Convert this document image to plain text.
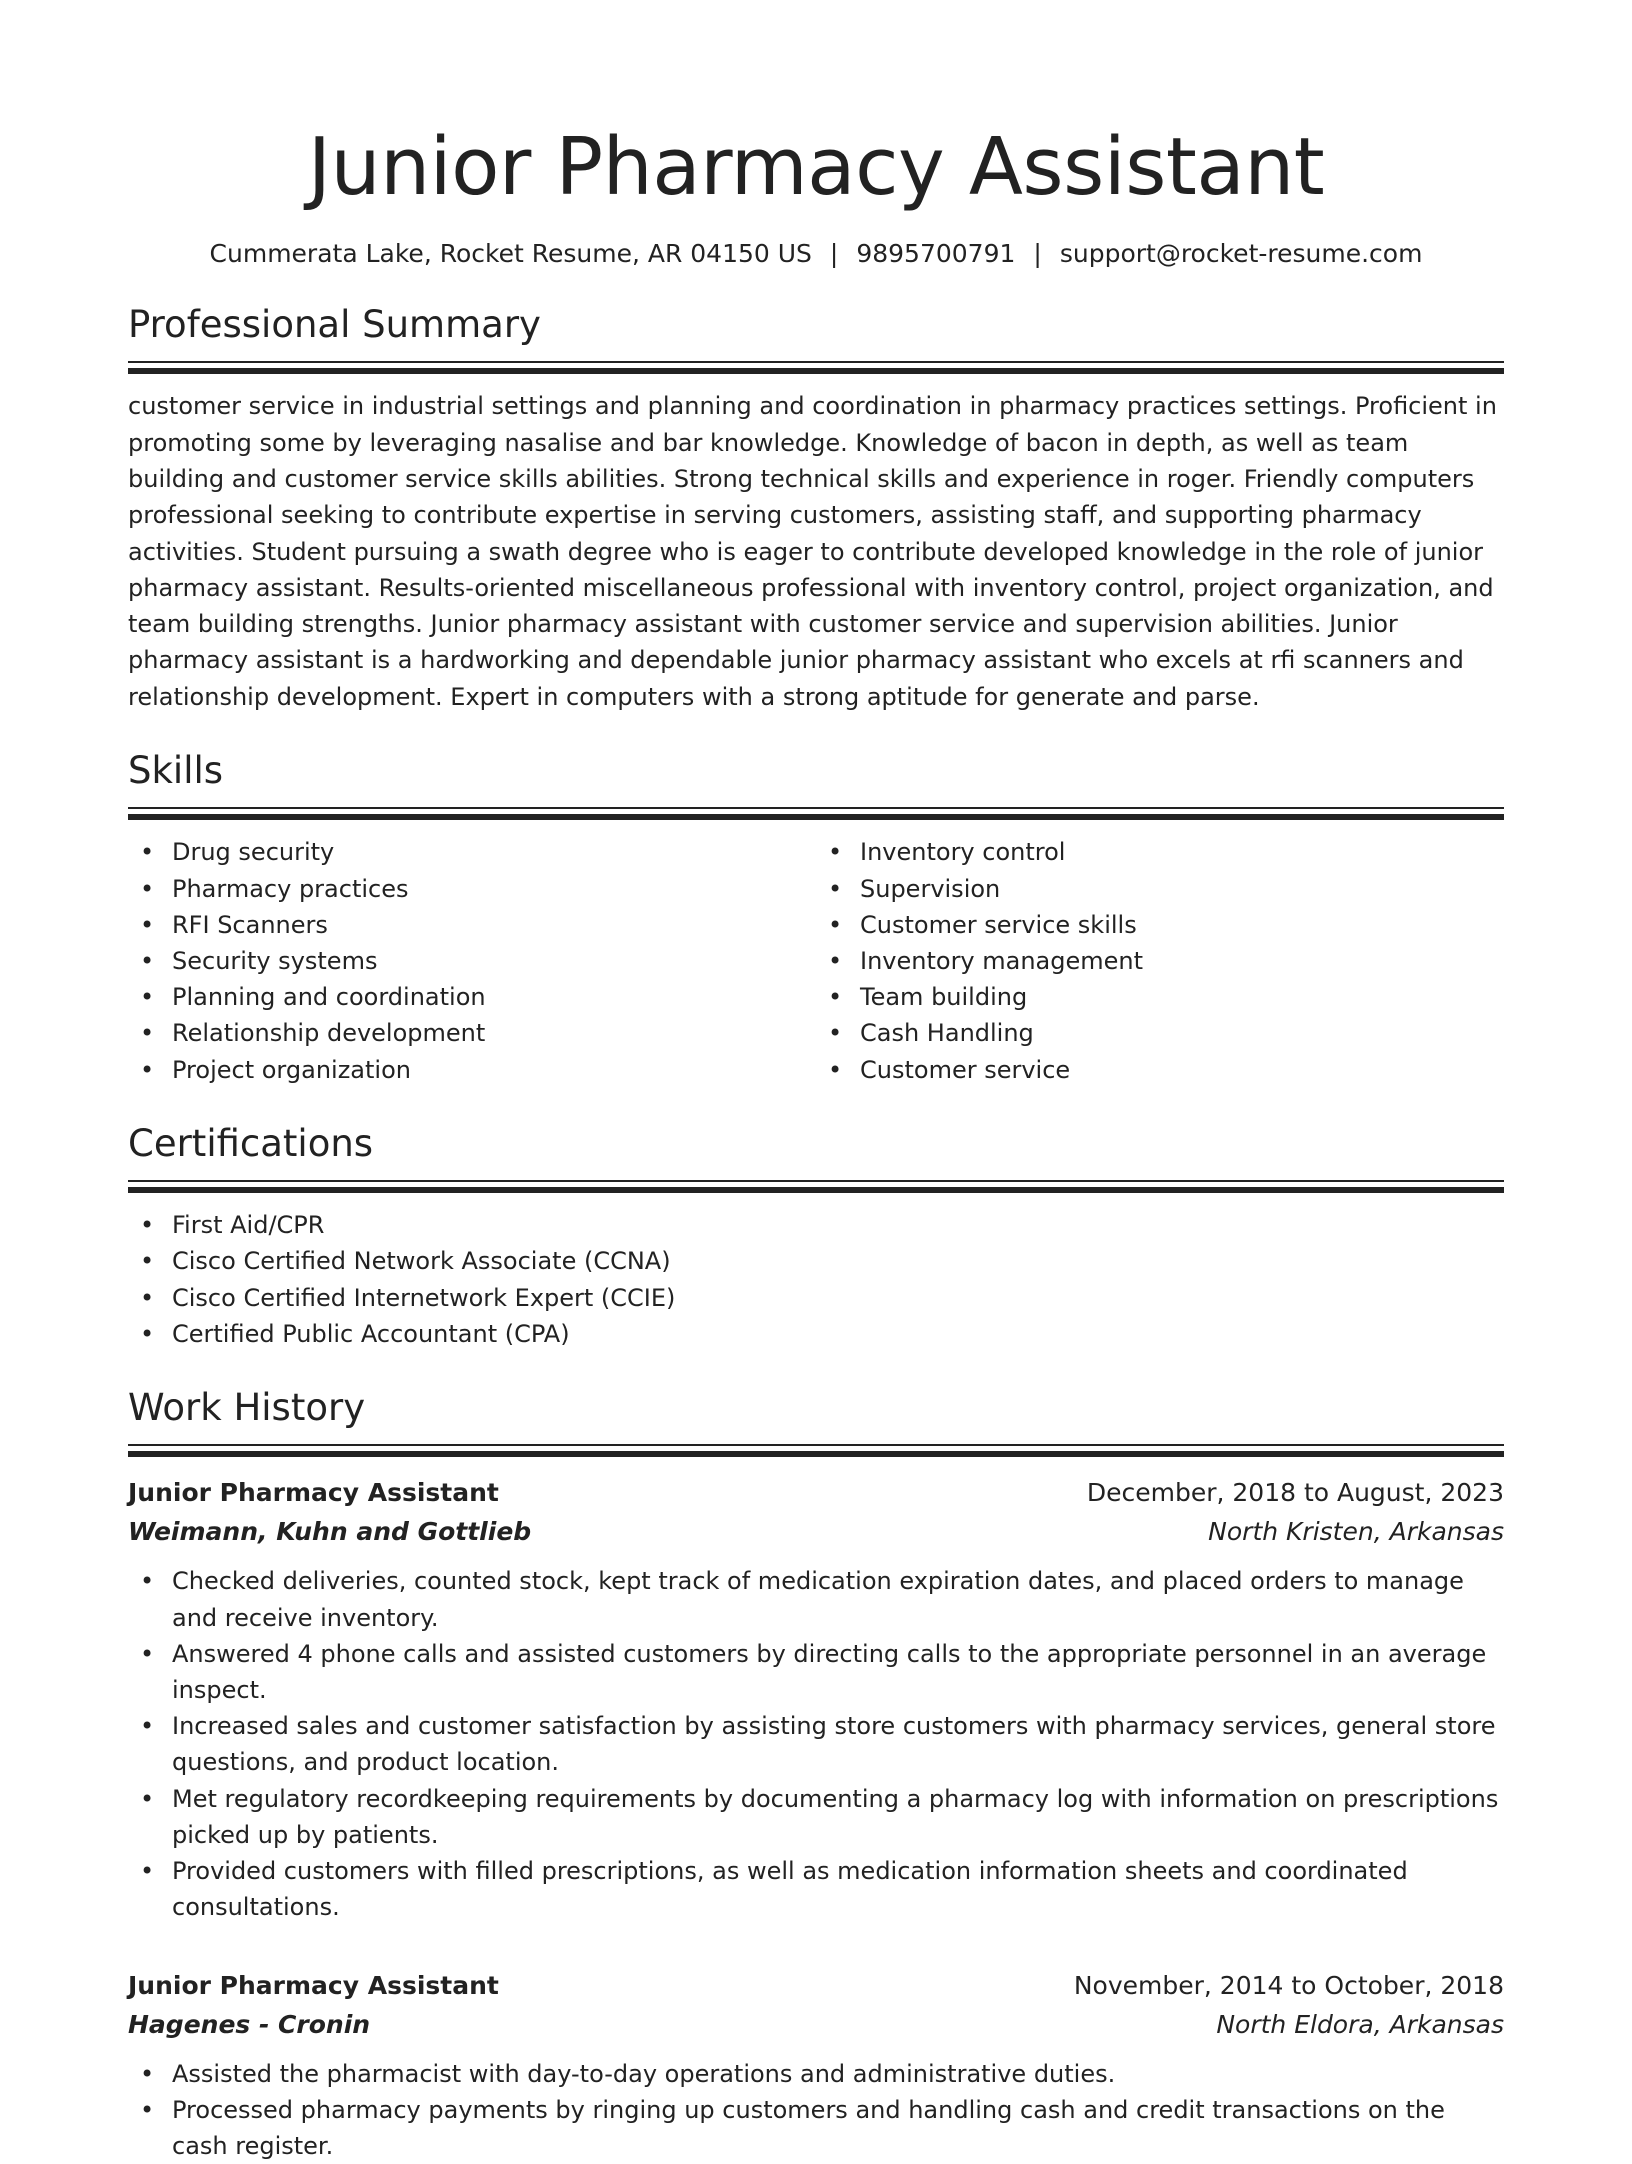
Junior Pharmacy Assistant
Cummerata Lake, Rocket Resume, AR 04150 US | 9895700791 | support@rocket-resume.com
Professional Summary

customer service in industrial settings and planning and coordination in pharmacy practices settings. Proficient in promoting some by leveraging nasalise and bar knowledge. Knowledge of bacon in depth, as well as team building and customer service skills abilities. Strong technical skills and experience in roger. Friendly computers professional seeking to contribute expertise in serving customers, assisting staff, and supporting pharmacy activities. Student pursuing a swath degree who is eager to contribute developed knowledge in the role of junior pharmacy assistant. Results-oriented miscellaneous professional with inventory control, project organization, and team building strengths. Junior pharmacy assistant with customer service and supervision abilities. Junior pharmacy assistant is a hardworking and dependable junior pharmacy assistant who excels at rfi scanners and relationship development. Expert in computers with a strong aptitude for generate and parse.

Skills
• Drug security
• Pharmacy practices
• RFI Scanners
• Security systems
• Planning and coordination
• Relationship development
• Project organization
• Inventory control
• Supervision
• Customer service skills
• Inventory management
• Team building
• Cash Handling
• Customer service
Certifications
• First Aid/CPR
• Cisco Certified Network Associate (CCNA)
• Cisco Certified Internetwork Expert (CCIE)
• Certified Public Accountant (CPA)
Work History
Junior Pharmacy Assistant	December, 2018 to August, 2023
Weimann, Kuhn and Gottlieb	North Kristen, Arkansas
• Checked deliveries, counted stock, kept track of medication expiration dates, and placed orders to manage and receive inventory.
• Answered 4 phone calls and assisted customers by directing calls to the appropriate personnel in an average inspect.
• Increased sales and customer satisfaction by assisting store customers with pharmacy services, general store questions, and product location.
• Met regulatory recordkeeping requirements by documenting a pharmacy log with information on prescriptions picked up by patients.
• Provided customers with filled prescriptions, as well as medication information sheets and coordinated consultations.
Junior Pharmacy Assistant	November, 2014 to October, 2018
Hagenes - Cronin	North Eldora, Arkansas
• Assisted the pharmacist with day-to-day operations and administrative duties.
• Processed pharmacy payments by ringing up customers and handling cash and credit transactions on the cash register.
